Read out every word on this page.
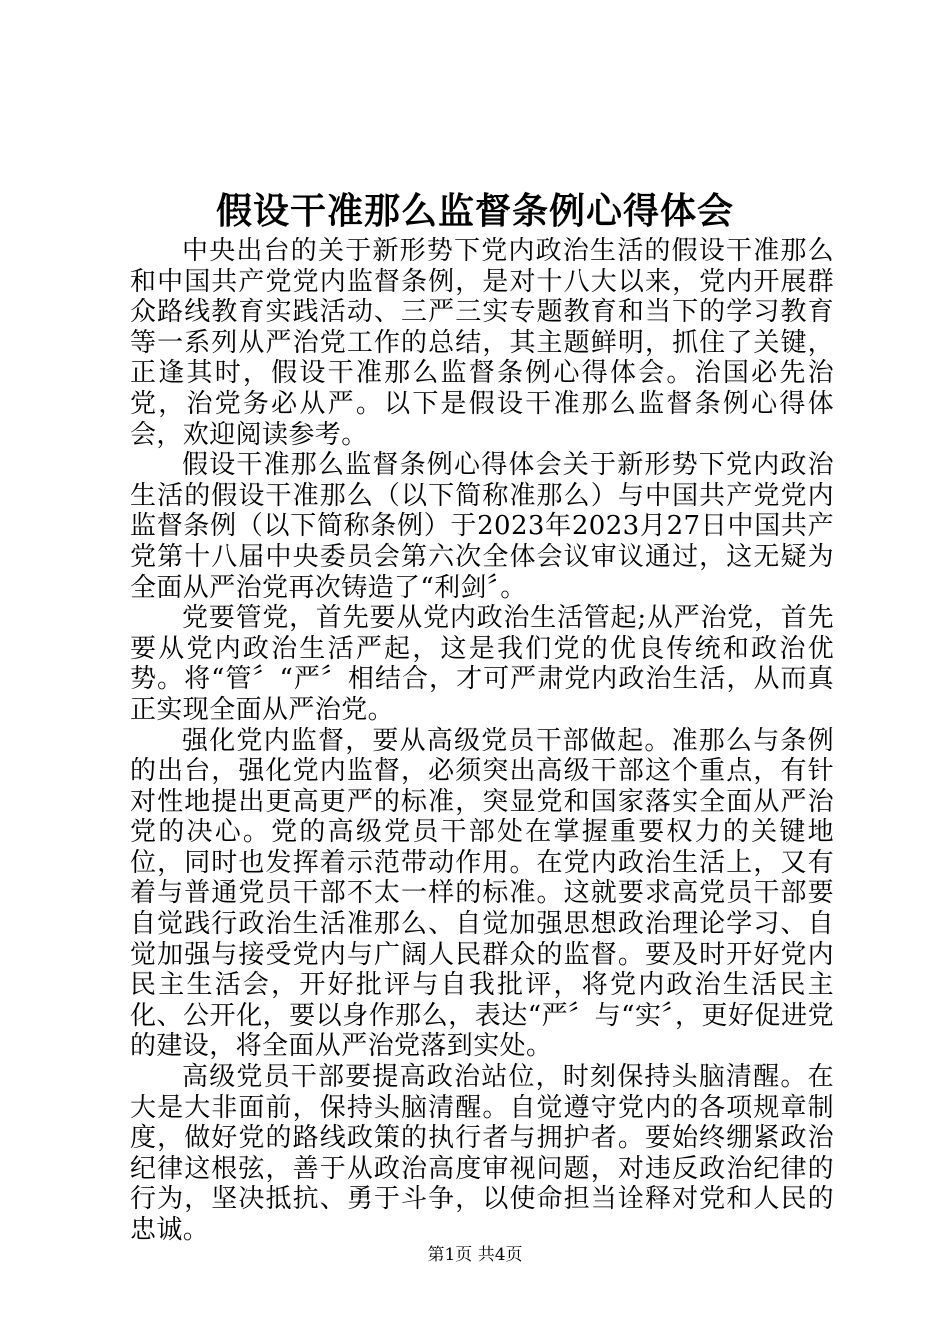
假设干准那么监督条例心得体会

中央出台的关于新形势下党内政治生活的假设干准那么和中国共产党党内监督条例，是对十八大以来，党内开展群众路线教育实践活动、三严三实专题教育和当下的学习教育等一系列从严治党工作的总结，其主题鲜明，抓住了关键，正逢其时，假设干准那么监督条例心得体会。治国必先治党，治党务必从严。以下是假设干准那么监督条例心得体会，欢迎阅读参考。

假设干准那么监督条例心得体会关于新形势下党内政治生活的假设干准那么（以下简称准那么）与中国共产党党内监督条例（以下简称条例）于2023年2023月27日中国共产党第十八届中央委员会第六次全体会议审议通过，这无疑为全面从严治党再次铸造了“利剑〞。

党要管党，首先要从党内政治生活管起;从严治党，首先要从党内政治生活严起，这是我们党的优良传统和政治优势。将“管〞“严〞相结合，才可严肃党内政治生活，从而真正实现全面从严治党。

强化党内监督，要从高级党员干部做起。准那么与条例的出台，强化党内监督，必须突出高级干部这个重点，有针对性地提出更高更严的标准，突显党和国家落实全面从严治党的决心。党的高级党员干部处在掌握重要权力的关键地位，同时也发挥着示范带动作用。在党内政治生活上，又有着与普通党员干部不太一样的标准。这就要求高党员干部要自觉践行政治生活准那么、自觉加强思想政治理论学习、自觉加强与接受党内与广阔人民群众的监督。要及时开好党内民主生活会，开好批评与自我批评，将党内政治生活民主化、公开化，要以身作那么，表达“严〞与“实〞，更好促进党的建设，将全面从严治党落到实处。

高级党员干部要提高政治站位，时刻保持头脑清醒。在大是大非面前，保持头脑清醒。自觉遵守党内的各项规章制度，做好党的路线政策的执行者与拥护者。要始终绷紧政治纪律这根弦，善于从政治高度审视问题，对违反政治纪律的行为，坚决抵抗、勇于斗争，以使命担当诠释对党和人民的忠诚。

第1页 共4页
